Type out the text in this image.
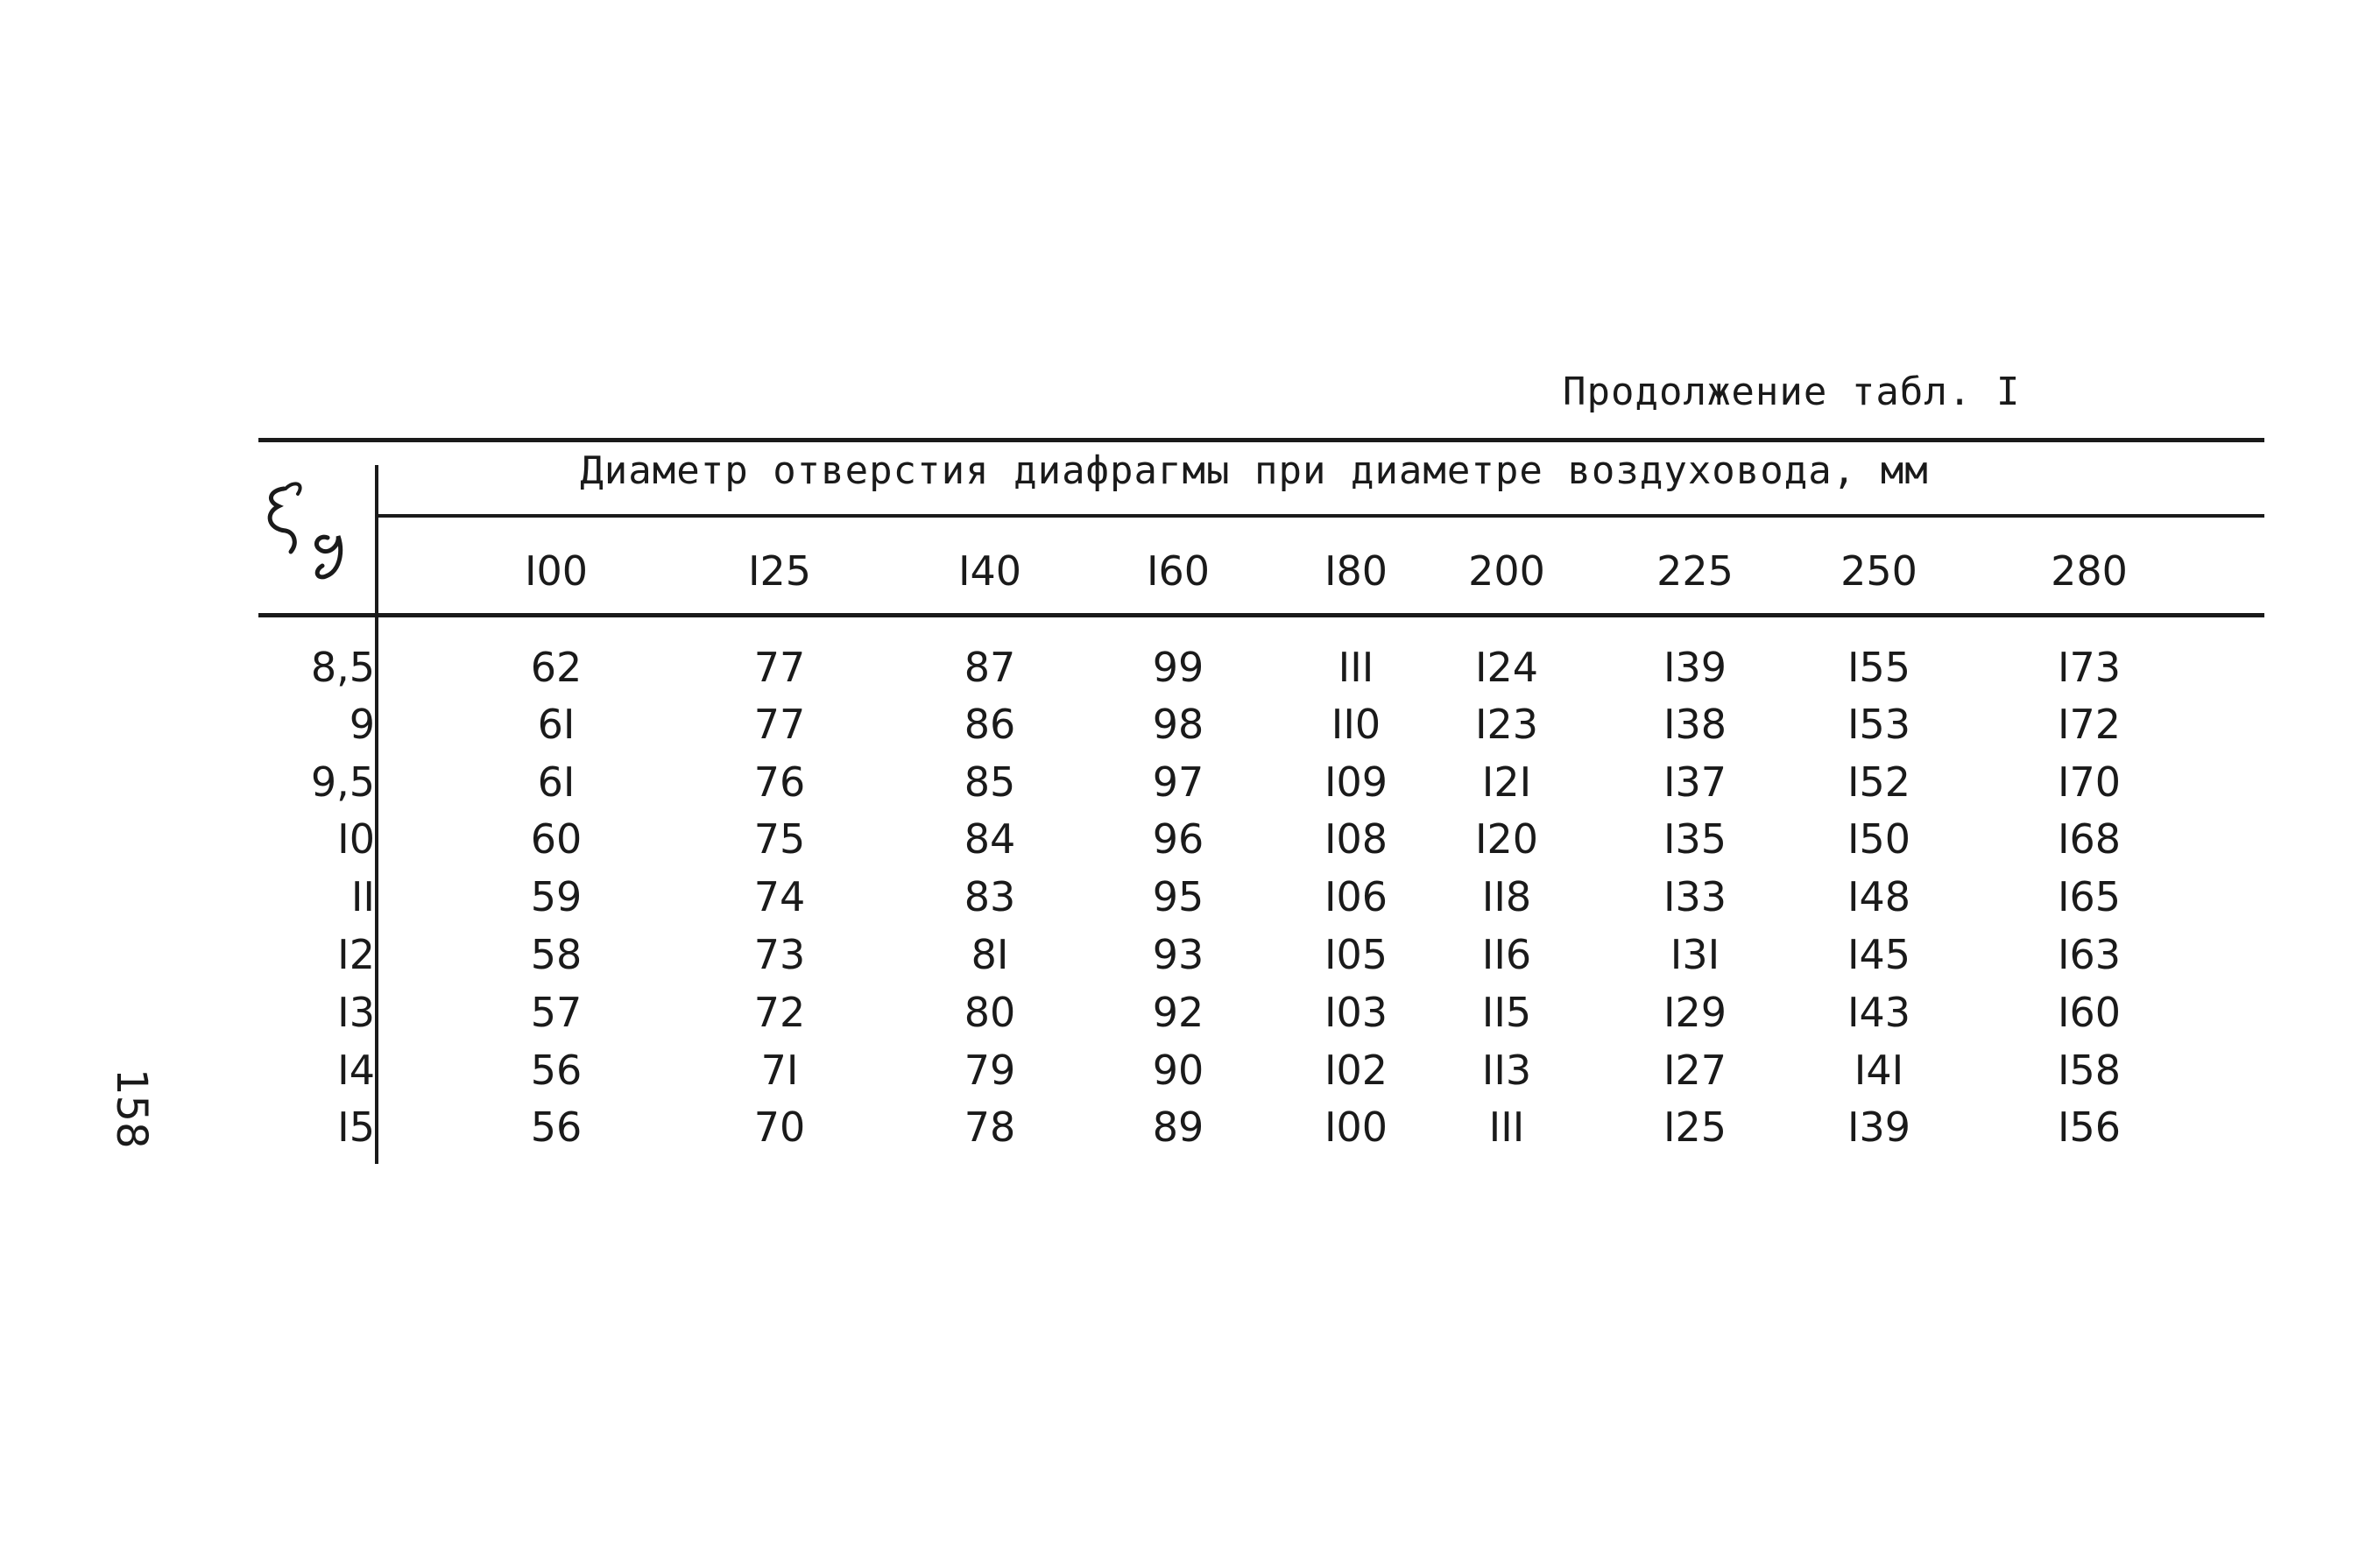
Продолжение табл. I
Диаметр отверстия диафрагмы при диаметре воздуховода, мм
I00	I25	I40	I60	I80	200	225	250	280
8,5	62	77	87	99	III	I24	I39	I55	I73
9	6I	77	86	98	II0	I23	I38	I53	I72
9,5	6I	76	85	97	I09	I2I	I37	I52	I70
I0	60	75	84	96	I08	I20	I35	I50	I68
II	59	74	83	95	I06	II8	I33	I48	I65
I2	58	73	8I	93	I05	II6	I3I	I45	I63
I3	57	72	80	92	I03	II5	I29	I43	I60
I4	56	7I	79	90	I02	II3	I27	I4I	I58
I5	56	70	78	89	I00	III	I25	I39	I56
158
